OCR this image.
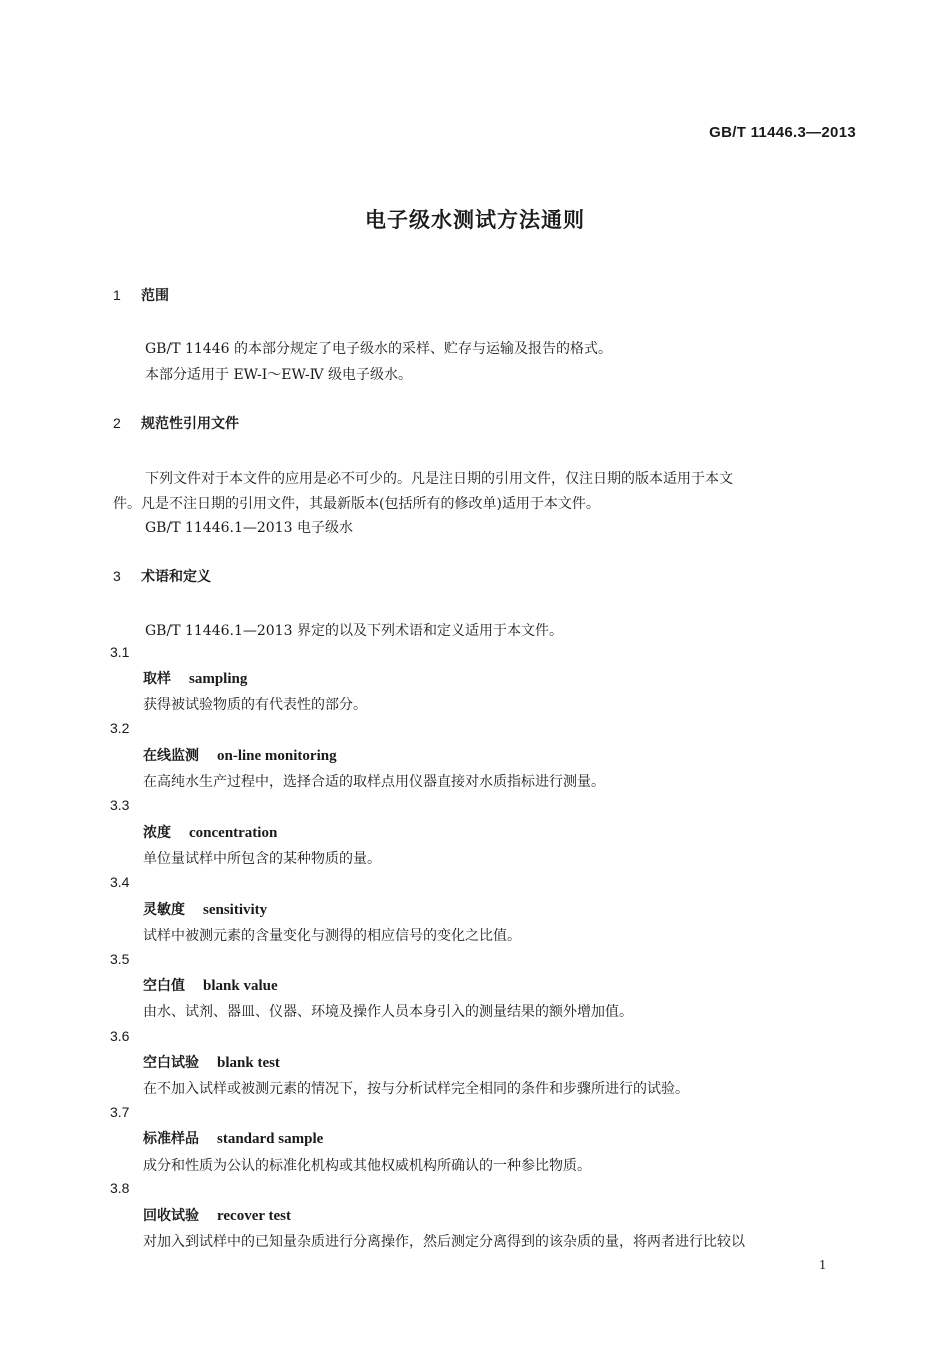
GB/T 11446.3—2013
电子级水测试方法通则
1 范围
GB/T 11446 的本部分规定了电子级水的采样、贮存与运输及报告的格式。
本部分适用于 EW-Ⅰ～EW-Ⅳ 级电子级水。
2 规范性引用文件
下列文件对于本文件的应用是必不可少的。凡是注日期的引用文件，仅注日期的版本适用于本文
件。凡是不注日期的引用文件，其最新版本(包括所有的修改单)适用于本文件。
GB/T 11446.1—2013 电子级水
3 术语和定义
GB/T 11446.1—2013 界定的以及下列术语和定义适用于本文件。
3.1
取样 sampling
获得被试验物质的有代表性的部分。
3.2
在线监测 on-line monitoring
在高纯水生产过程中，选择合适的取样点用仪器直接对水质指标进行测量。
3.3
浓度 concentration
单位量试样中所包含的某种物质的量。
3.4
灵敏度 sensitivity
试样中被测元素的含量变化与测得的相应信号的变化之比值。
3.5
空白值 blank value
由水、试剂、器皿、仪器、环境及操作人员本身引入的测量结果的额外增加值。
3.6
空白试验 blank test
在不加入试样或被测元素的情况下，按与分析试样完全相同的条件和步骤所进行的试验。
3.7
标准样品 standard sample
成分和性质为公认的标准化机构或其他权威机构所确认的一种参比物质。
3.8
回收试验 recover test
对加入到试样中的已知量杂质进行分离操作，然后测定分离得到的该杂质的量，将两者进行比较以
1
